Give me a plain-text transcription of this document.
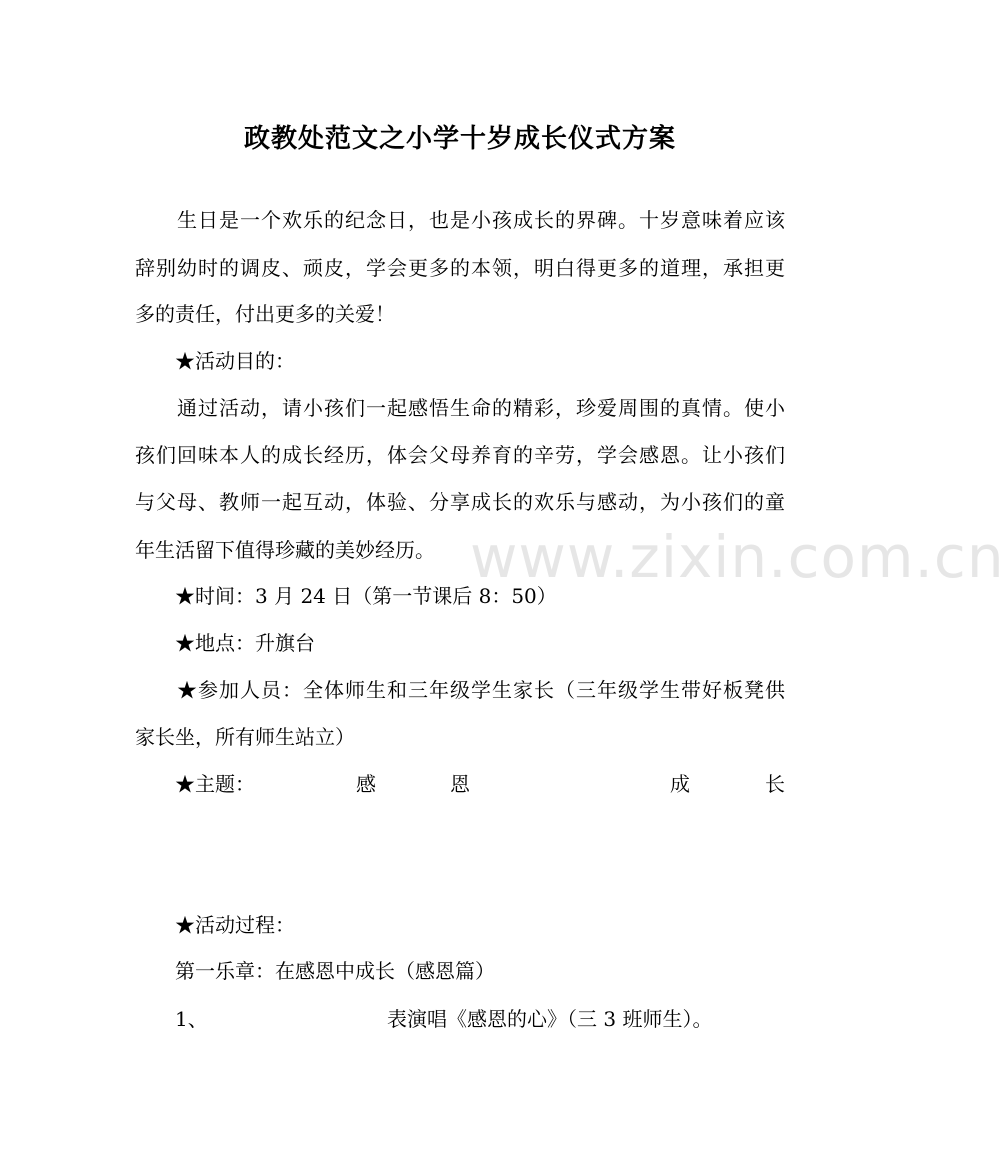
www.zixin.com.cn
政教处范文之小学十岁成长仪式方案
　　生日是一个欢乐的纪念日，也是小孩成长的界碑。十岁意味着应该
辞别幼时的调皮、顽皮，学会更多的本领，明白得更多的道理，承担更
多的责任，付出更多的关爱！
　　★活动目的：
　　通过活动，请小孩们一起感悟生命的精彩，珍爱周围的真情。使小
孩们回味本人的成长经历，体会父母养育的辛劳，学会感恩。让小孩们
与父母、教师一起互动，体验、分享成长的欢乐与感动，为小孩们的童
年生活留下值得珍藏的美妙经历。
　　★时间：3 月 24 日（第一节课后 8：50）
　　★地点：升旗台
　　★参加人员：全体师生和三年级学生家长（三年级学生带好板凳供
家长坐，所有师生站立）
　　★主题：	感	恩	成	长
　　★活动过程：
　　第一乐章：在感恩中成长（感恩篇）
　　1、	表演唱《感恩的心》（三 3 班师生）。
